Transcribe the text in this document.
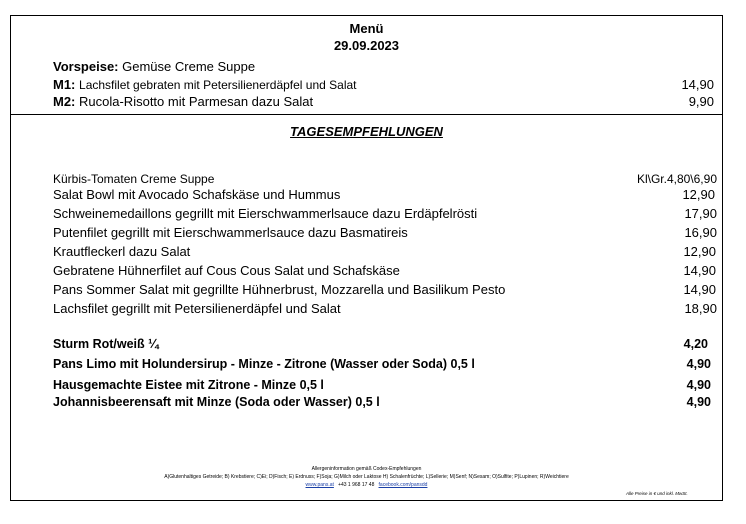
Menü
29.09.2023
Vorspeise: Gemüse Creme Suppe
M1: Lachsfilet gebraten mit Petersilienerdäpfel und Salat	14,90
M2: Rucola-Risotto mit Parmesan dazu Salat	9,90
TAGESEMPFEHLUNGEN
Kürbis-Tomaten Creme Suppe	Kl\Gr.4,80\6,90
Salat Bowl mit Avocado Schafskäse und Hummus	12,90
Schweinemedaillons gegrillt mit Eierschwammerlsauce dazu Erdäpfelrösti	17,90
Putenfilet gegrillt mit Eierschwammerlsauce dazu Basmatireis	16,90
Krautfleckerl dazu Salat	12,90
Gebratene Hühnerfilet auf Cous Cous Salat und Schafskäse	14,90
Pans Sommer Salat mit gegrillte Hühnerbrust, Mozzarella und Basilikum Pesto	14,90
Lachsfilet gegrillt mit Petersilienerdäpfel und Salat	18,90
Sturm Rot/weiß ¼	4,20
Pans Limo mit Holundersirup - Minze - Zitrone (Wasser oder Soda) 0,5 l	4,90
Hausgemachte Eistee mit Zitrone - Minze 0,5 l	4,90
Johannisbeerensaft mit Minze (Soda oder Wasser) 0,5 l	4,90
Allergeninformation gemäß Codex-Empfehlungen
A)Glutenhaltiges Getreide; B) Krebstiere; C)Ei; D)Fisch; E) Erdnuss; F)Soja; G)Milch oder Laktose H) Schalenfrüchte; L)Sellerie; M)Senf; N)Sesam; O)Sulfite; P)Lupinen; R)Weichtiere
www.pans.at +43 1 968 17 48 facebook.com/pansdd
Alle Preise in € und inkl. MwSt.
